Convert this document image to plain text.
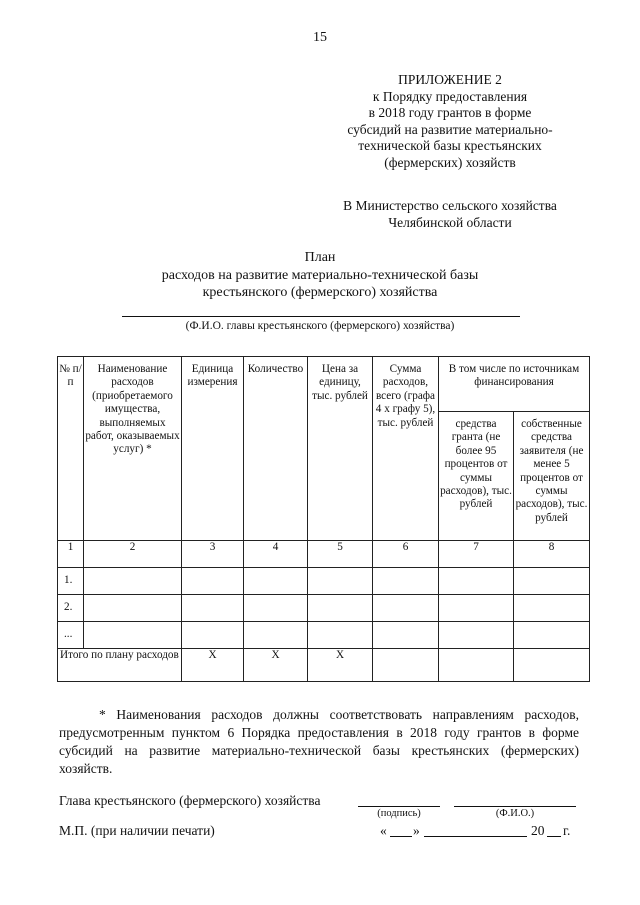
15
ПРИЛОЖЕНИЕ 2
к Порядку предоставления
в 2018 году грантов в форме
субсидий на развитие материально-
технической базы крестьянских
(фермерских) хозяйств
В Министерство сельского хозяйства
Челябинской области
План
расходов на развитие материально-технической базы
крестьянского (фермерского) хозяйства
(Ф.И.О. главы крестьянского (фермерского) хозяйства)
№ п/п	Наименование расходов (приобретаемого имущества, выполняемых работ, оказываемых услуг) *	Единица измерения	Количество	Цена за единицу, тыс. рублей	Сумма расходов, всего (графа 4 x графу 5), тыс. рублей	В том числе по источникам финансирования	
						средства гранта (не более 95 процентов от суммы расходов), тыс. рублей	собственные средства заявителя (не менее 5 процентов от суммы расходов), тыс. рублей
1	2	3	4	5	6	7	8
1.							
2.							
...							
Итого по плану расходов		Х	Х	Х			
* Наименования расходов должны соответствовать направлениям расходов, предусмотренным пунктом 6 Порядка предоставления в 2018 году грантов в форме субсидий на развитие материально-технической базы крестьянских (фермерских) хозяйств.
Глава крестьянского (фермерского) хозяйства
(подпись)	(Ф.И.О.)
М.П. (при наличии печати)	« »	20 г.
